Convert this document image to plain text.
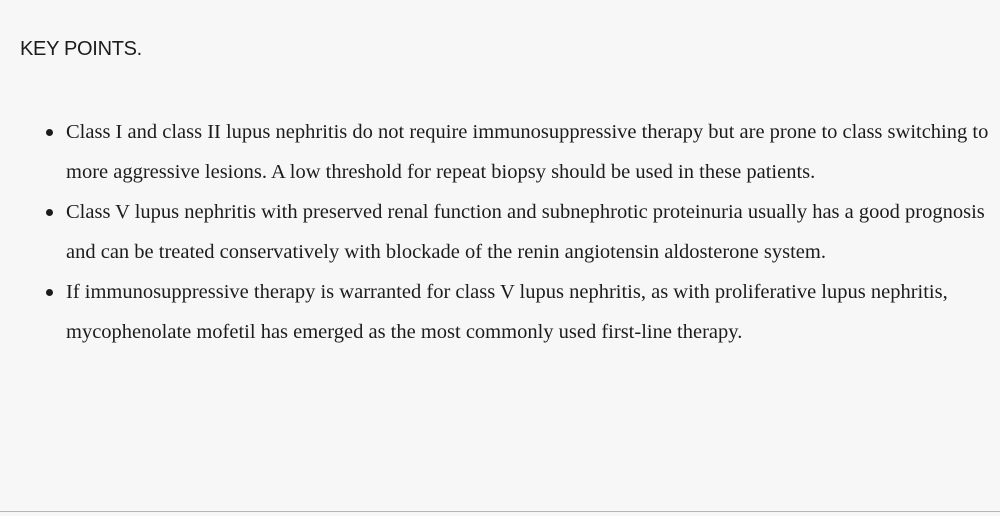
KEY POINTS.
Class I and class II lupus nephritis do not require immunosuppressive therapy but are prone to class switching to more aggressive lesions. A low threshold for repeat biopsy should be used in these patients.
Class V lupus nephritis with preserved renal function and subnephrotic proteinuria usually has a good prognosis and can be treated conservatively with blockade of the renin angiotensin aldosterone system.
If immunosuppressive therapy is warranted for class V lupus nephritis, as with proliferative lupus nephritis, mycophenolate mofetil has emerged as the most commonly used first-line therapy.
